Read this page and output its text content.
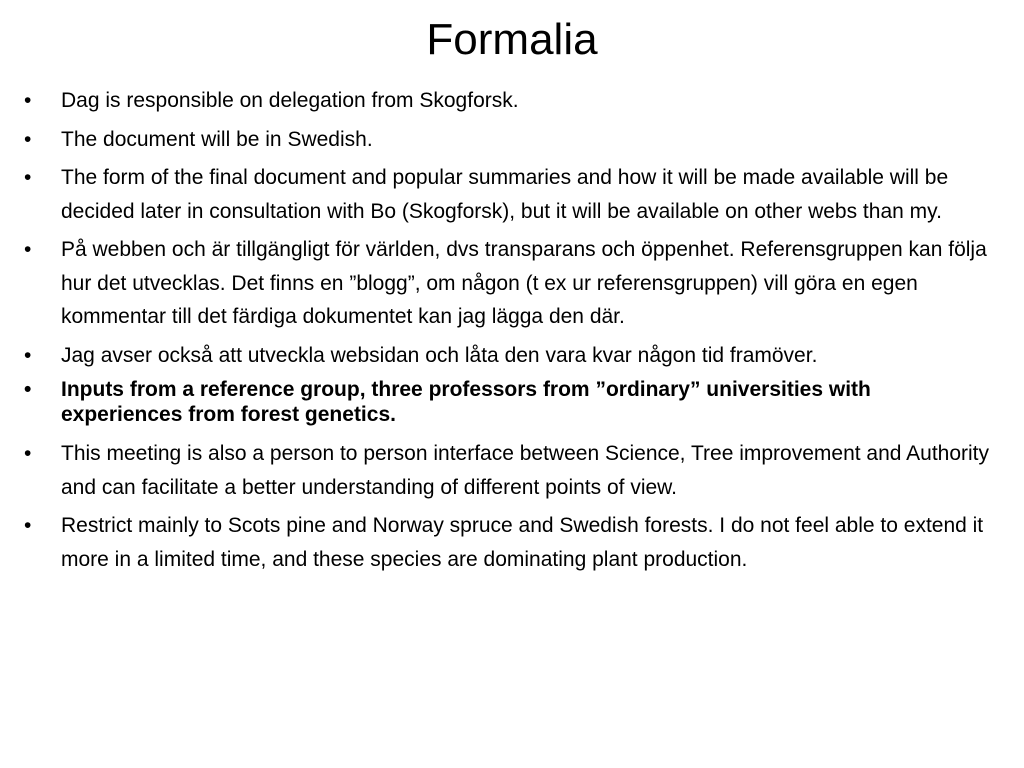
Formalia
•	Dag is responsible on delegation from Skogforsk.
•	The document will be in Swedish.
•	The form of the final document and popular summaries and how it will be made available will be decided later in consultation with Bo (Skogforsk), but it will be available on other webs than my.
•	På webben och är tillgängligt för världen, dvs transparans och öppenhet. Referensgruppen kan följa hur det utvecklas. Det finns en ”blogg”, om någon (t ex ur referensgruppen) vill göra en egen kommentar till det färdiga dokumentet kan jag lägga den där.
•	Jag avser också att utveckla websidan och låta den vara kvar någon tid framöver.
•	Inputs from a reference group, three professors from ”ordinary” universities with experiences from forest genetics.
•	This meeting is also a person to person interface between Science, Tree improvement and Authority and can facilitate a better understanding of different points of view.
•	Restrict mainly to Scots pine and Norway spruce and Swedish forests. I do not feel able to extend it more in a limited time, and these species are dominating plant production.
